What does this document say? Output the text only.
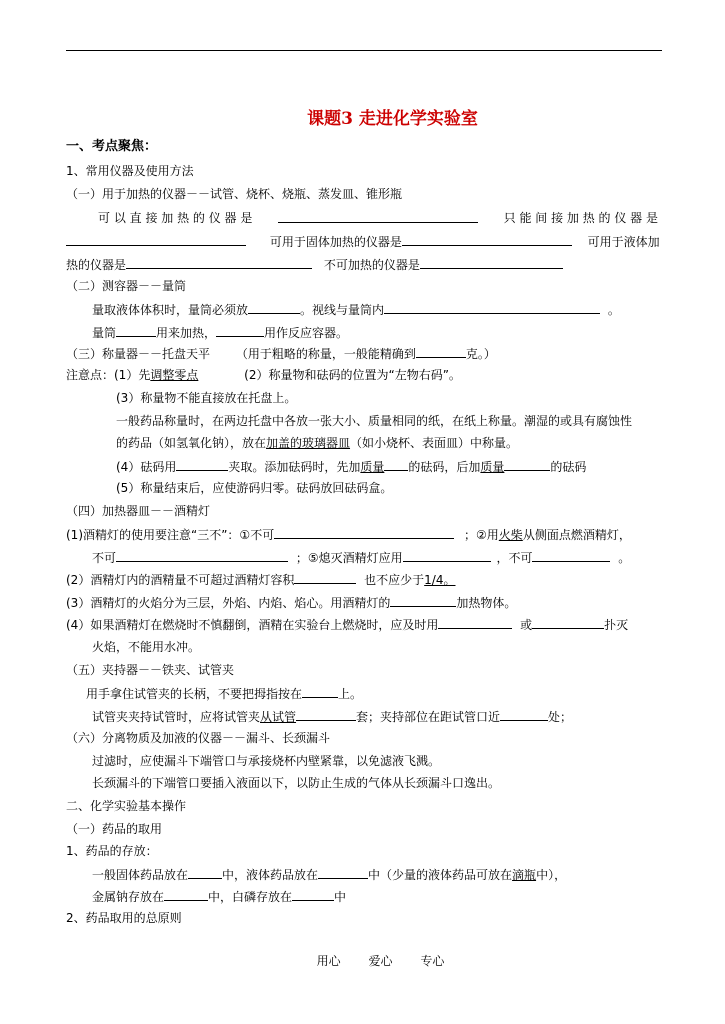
课题3 走进化学实验室
一、考点聚焦：
1、常用仪器及使用方法
（一）用于加热的仪器－－试管、烧杯、烧瓶、蒸发皿、锥形瓶
可 以 直 接 加 热 的 仪 器 是	只 能 间 接 加 热 的 仪 器 是
可用于固体加热的仪器是	可用于液体加
热的仪器是	不可加热的仪器是
（二）测容器－－量筒
量取液体体积时，量筒必须放	。视线与量筒内	。
量筒	用来加热，	用作反应容器。
（三）称量器－－托盘天平 （用于粗略的称量，一般能精确到	克。）
注意点：(1）先调整零点	(2）称量物和砝码的位置为“左物右码”。
(3）称量物不能直接放在托盘上。
一般药品称量时，在两边托盘中各放一张大小、质量相同的纸，在纸上称量。潮湿的或具有腐蚀性
的药品（如氢氧化钠），放在加盖的玻璃器皿（如小烧杯、表面皿）中称量。
(4）砝码用	夹取。添加砝码时，先加质量 的砝码，后加质量	的砝码
(5）称量结束后，应使游码归零。砝码放回砝码盒。
（四）加热器皿－－酒精灯
(1)酒精灯的使用要注意“三不”：①不可	；②用火柴从侧面点燃酒精灯，
不可	；⑤熄灭酒精灯应用	，不可	。
(2）酒精灯内的酒精量不可超过酒精灯容积	也不应少于1/4。
(3）酒精灯的火焰分为三层，外焰、内焰、焰心。用酒精灯的	加热物体。
(4）如果酒精灯在燃烧时不慎翻倒，酒精在实验台上燃烧时，应及时用	或	扑灭
火焰，不能用水冲。
（五）夹持器－－铁夹、试管夹
用手拿住试管夹的长柄，不要把拇指按在	上。
试管夹夹持试管时，应将试管夹从试管	套；夹持部位在距试管口近	处；
（六）分离物质及加液的仪器－－漏斗、长颈漏斗
过滤时，应使漏斗下端管口与承接烧杯内壁紧靠，以免滤液飞溅。
长颈漏斗的下端管口要插入液面以下，以防止生成的气体从长颈漏斗口逸出。
二、化学实验基本操作
（一）药品的取用
1、药品的存放：
一般固体药品放在	中，液体药品放在	中（少量的液体药品可放在滴瓶中），
金属钠存放在	中，白磷存放在	中
2、药品取用的总原则
用心 爱心 专心
